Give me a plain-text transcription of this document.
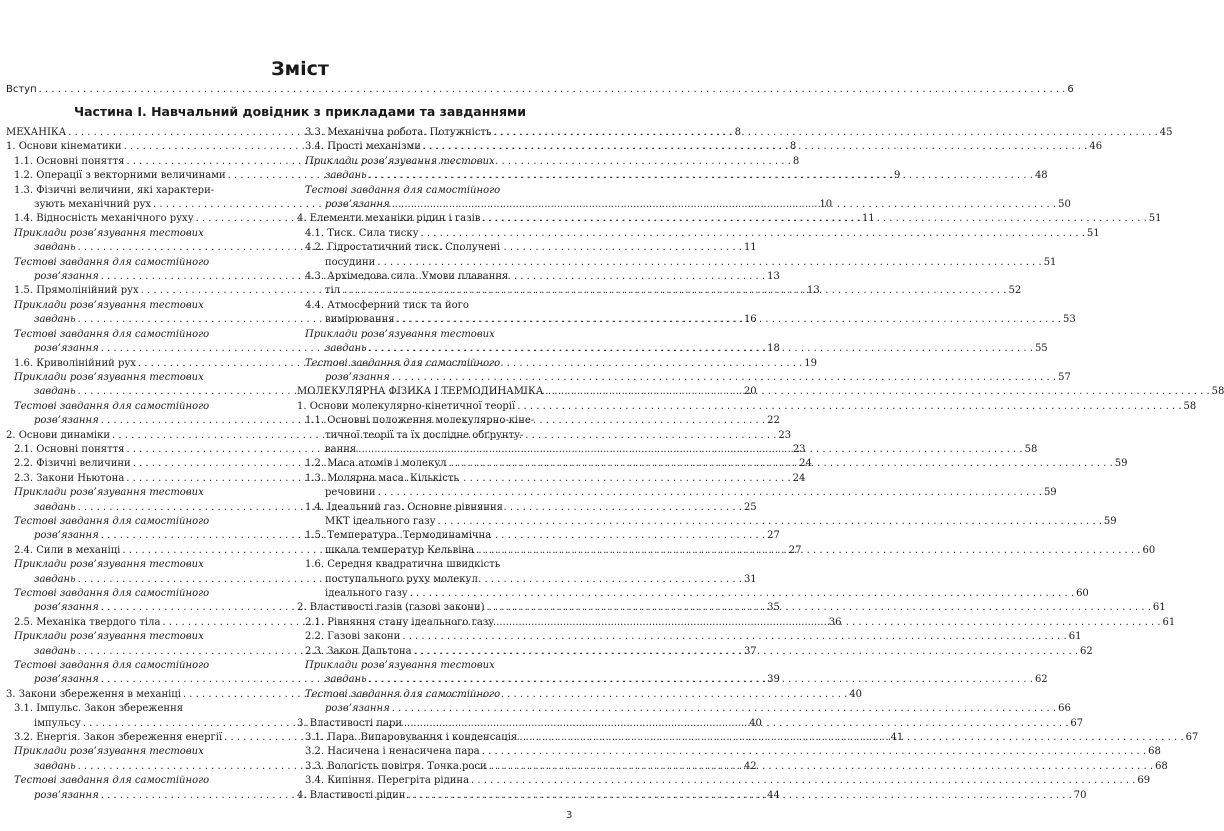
Зміст
Вступ . . . . . . . . . . . . . . . . . . . . . . . . . . . . . . . . . . . . . . . . . . . . . . . . . . . . . . . . . . . . . . . . . . . . . . . . . . . . . . . . . . . . . . . . . . . . . . . . . . . . . . . . . . . . . . . . . . . . . . . . . . . . . . . . . . . . . . . . . . . . . . . . . . . . . . . . . . . . . . . . . . 6
Частина І. Навчальний довідник з прикладами та завданнями
МЕХАНІКА . . .	8
1. Основи кінематики . . .	8
1.1. Основні поняття . . .	8
1.2. Операції з векторними величинами . . .	9
1.3. Фізичні величини, які характери-
зують механічний рух . . .	10
1.4. Відносність механічного руху . . .	11
Приклади розв’язування тестових
завдань . . .	11
Тестові завдання для самостійного
розв’язання . . .	13
1.5. Прямолінійний рух . . .	13
Приклади розв’язування тестових
завдань . . .	16
Тестові завдання для самостійного
розв’язання . . .	18
1.6. Криволінійний рух . . .	19
Приклади розв’язування тестових
завдань . . .	20
Тестові завдання для самостійного
розв’язання . . .	22
2. Основи динаміки . . .	23
2.1. Основні поняття . . .	23
2.2. Фізичні величини . . .	24
2.3. Закони Ньютона . . .	24
Приклади розв’язування тестових
завдань . . .	25
Тестові завдання для самостійного
розв’язання . . .	27
2.4. Сили в механіці . . .	27
Приклади розв’язування тестових
завдань . . .	31
Тестові завдання для самостійного
розв’язання . . .	35
2.5. Механіка твердого тіла . . .	36
Приклади розв’язування тестових
завдань . . .	37
Тестові завдання для самостійного
розв’язання . . .	39
3. Закони збереження в механіці . . .	40
3.1. Імпульс. Закон збереження
імпульсу . . .	40
3.2. Енергія. Закон збереження енергії . . .	41
Приклади розв’язування тестових
завдань . . .	42
Тестові завдання для самостійного
розв’язання . . .	44
3.3. Механічна робота. Потужність . . .	45
3.4. Прості механізми . . .	46
Приклади розв’язування тестових
завдань . . .	48
Тестові завдання для самостійного
розв’язання . . .	50
4. Елементи механіки рідин і газів . . .	51
4.1. Тиск. Сила тиску . . .	51
4.2. Гідростатичний тиск. Сполучені
посудини . . .	51
4.3. Архімедова сила. Умови плавання
тіл . . .	52
4.4. Атмосферний тиск та його
вимірювання . . .	53
Приклади розв’язування тестових
завдань . . .	55
Тестові завдання для самостійного
розв’язання . . .	57
МОЛЕКУЛЯРНА ФІЗИКА І ТЕРМОДИНАМІКА . . .	58
1. Основи молекулярно-кінетичної теорії . . .	58
1.1. Основні положення молекулярно-кіне-
тичної теорії та їх дослідне обґрунту-
вання . . .	58
1.2. Маса атомів і молекул . . .	59
1.3. Молярна маса. Кількість
речовини . . .	59
1.4. Ідеальний газ. Основне рівняння
МКТ ідеального газу . . .	59
1.5. Температура. Термодинамічна
шкала температур Кельвіна . . .	60
1.6. Середня квадратична швидкість
поступального руху молекул
ідеального газу . . .	60
2. Властивості газів (газові закони) . . .	61
2.1. Рівняння стану ідеального газу . . .	61
2.2. Газові закони . . .	61
2.3. Закон Дальтона . . .	62
Приклади розв’язування тестових
завдань . . .	62
Тестові завдання для самостійного
розв’язання . . .	66
3. Властивості пари . . .	67
3.1. Пара. Випаровування і конденсація . . .	67
3.2. Насичена і ненасичена пара . . .	68
3.3. Вологість повітря. Точка роси . . .	68
3.4. Кипіння. Перегріта рідина . . .	69
4. Властивості рідин . . .	70
3
